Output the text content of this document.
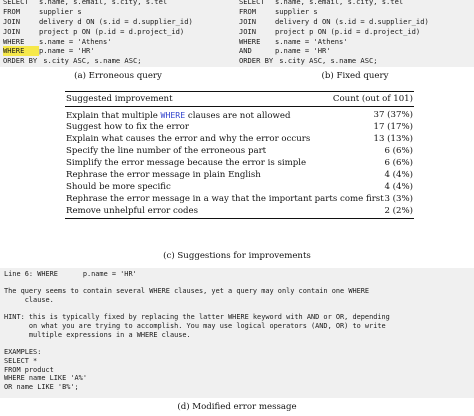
SELECT s.name, s.email, s.city, s.tel
FROM	supplier s
JOIN	delivery d ON (s.id = d.supplier_id)
JOIN	project p ON (p.id = d.project_id)
WHERE s.name = 'Athens'
WHERE p.name = 'HR'
ORDER BY s.city ASC, s.name ASC;
(a) Erroneous query
SELECT s.name, s.email, s.city, s.tel
FROM	supplier s
JOIN	delivery d ON (s.id = d.supplier_id)
JOIN	project p ON (p.id = d.project_id)
WHERE s.name = 'Athens'
AND	p.name = 'HR'
ORDER BY s.city ASC, s.name ASC;
(b) Fixed query
Suggested improvement	Count (out of 101)
Explain that multiple WHERE clauses are not allowed	37 (37%)
Suggest how to fix the error	17 (17%)
Explain what causes the error and why the error occurs	13 (13%)
Specify the line number of the erroneous part	6 (6%)
Simplify the error message because the error is simple	6 (6%)
Rephrase the error message in plain English	4 (4%)
Should be more specific	4 (4%)
Rephrase the error message in a way that the important parts come first 3 (3%)
Remove unhelpful error codes	2 (2%)
(c) Suggestions for improvements
Line 6: WHERE      p.name = 'HR'
The query seems to contain several WHERE clauses, yet a query may only contain one WHERE
clause.
HINT: this is typically fixed by replacing the latter WHERE keyword with AND or OR, depending
on what you are trying to accomplish. You may use logical operators (AND, OR) to write
multiple expressions in a WHERE clause.
EXAMPLES:
SELECT *
FROM product
WHERE name LIKE 'A%'
OR name LIKE 'B%';
(d) Modified error message
